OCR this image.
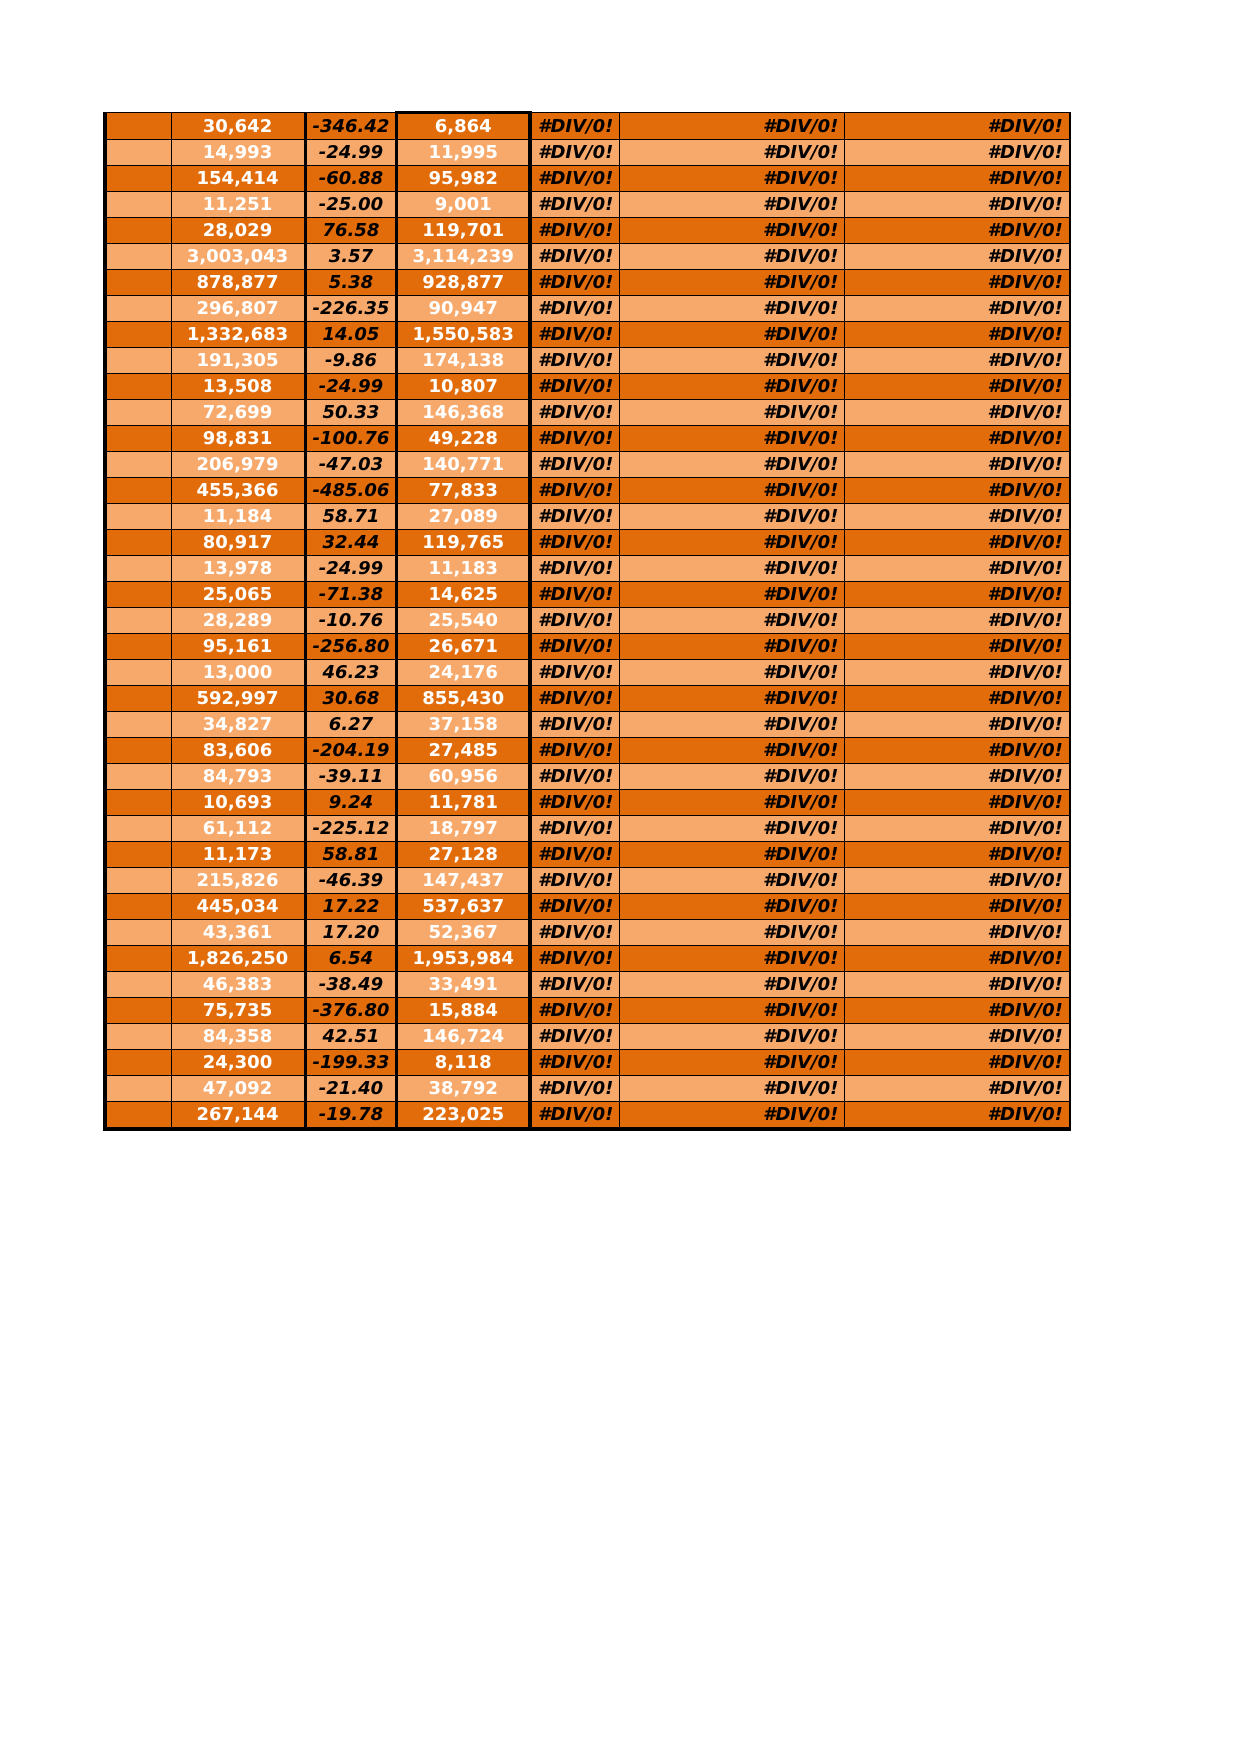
	30,642	-346.42	6,864	#DIV/0!	#DIV/0!	#DIV/0!
	14,993	-24.99	11,995	#DIV/0!	#DIV/0!	#DIV/0!
	154,414	-60.88	95,982	#DIV/0!	#DIV/0!	#DIV/0!
	11,251	-25.00	9,001	#DIV/0!	#DIV/0!	#DIV/0!
	28,029	76.58	119,701	#DIV/0!	#DIV/0!	#DIV/0!
	3,003,043	3.57	3,114,239	#DIV/0!	#DIV/0!	#DIV/0!
	878,877	5.38	928,877	#DIV/0!	#DIV/0!	#DIV/0!
	296,807	-226.35	90,947	#DIV/0!	#DIV/0!	#DIV/0!
	1,332,683	14.05	1,550,583	#DIV/0!	#DIV/0!	#DIV/0!
	191,305	-9.86	174,138	#DIV/0!	#DIV/0!	#DIV/0!
	13,508	-24.99	10,807	#DIV/0!	#DIV/0!	#DIV/0!
	72,699	50.33	146,368	#DIV/0!	#DIV/0!	#DIV/0!
	98,831	-100.76	49,228	#DIV/0!	#DIV/0!	#DIV/0!
	206,979	-47.03	140,771	#DIV/0!	#DIV/0!	#DIV/0!
	455,366	-485.06	77,833	#DIV/0!	#DIV/0!	#DIV/0!
	11,184	58.71	27,089	#DIV/0!	#DIV/0!	#DIV/0!
	80,917	32.44	119,765	#DIV/0!	#DIV/0!	#DIV/0!
	13,978	-24.99	11,183	#DIV/0!	#DIV/0!	#DIV/0!
	25,065	-71.38	14,625	#DIV/0!	#DIV/0!	#DIV/0!
	28,289	-10.76	25,540	#DIV/0!	#DIV/0!	#DIV/0!
	95,161	-256.80	26,671	#DIV/0!	#DIV/0!	#DIV/0!
	13,000	46.23	24,176	#DIV/0!	#DIV/0!	#DIV/0!
	592,997	30.68	855,430	#DIV/0!	#DIV/0!	#DIV/0!
	34,827	6.27	37,158	#DIV/0!	#DIV/0!	#DIV/0!
	83,606	-204.19	27,485	#DIV/0!	#DIV/0!	#DIV/0!
	84,793	-39.11	60,956	#DIV/0!	#DIV/0!	#DIV/0!
	10,693	9.24	11,781	#DIV/0!	#DIV/0!	#DIV/0!
	61,112	-225.12	18,797	#DIV/0!	#DIV/0!	#DIV/0!
	11,173	58.81	27,128	#DIV/0!	#DIV/0!	#DIV/0!
	215,826	-46.39	147,437	#DIV/0!	#DIV/0!	#DIV/0!
	445,034	17.22	537,637	#DIV/0!	#DIV/0!	#DIV/0!
	43,361	17.20	52,367	#DIV/0!	#DIV/0!	#DIV/0!
	1,826,250	6.54	1,953,984	#DIV/0!	#DIV/0!	#DIV/0!
	46,383	-38.49	33,491	#DIV/0!	#DIV/0!	#DIV/0!
	75,735	-376.80	15,884	#DIV/0!	#DIV/0!	#DIV/0!
	84,358	42.51	146,724	#DIV/0!	#DIV/0!	#DIV/0!
	24,300	-199.33	8,118	#DIV/0!	#DIV/0!	#DIV/0!
	47,092	-21.40	38,792	#DIV/0!	#DIV/0!	#DIV/0!
	267,144	-19.78	223,025	#DIV/0!	#DIV/0!	#DIV/0!
